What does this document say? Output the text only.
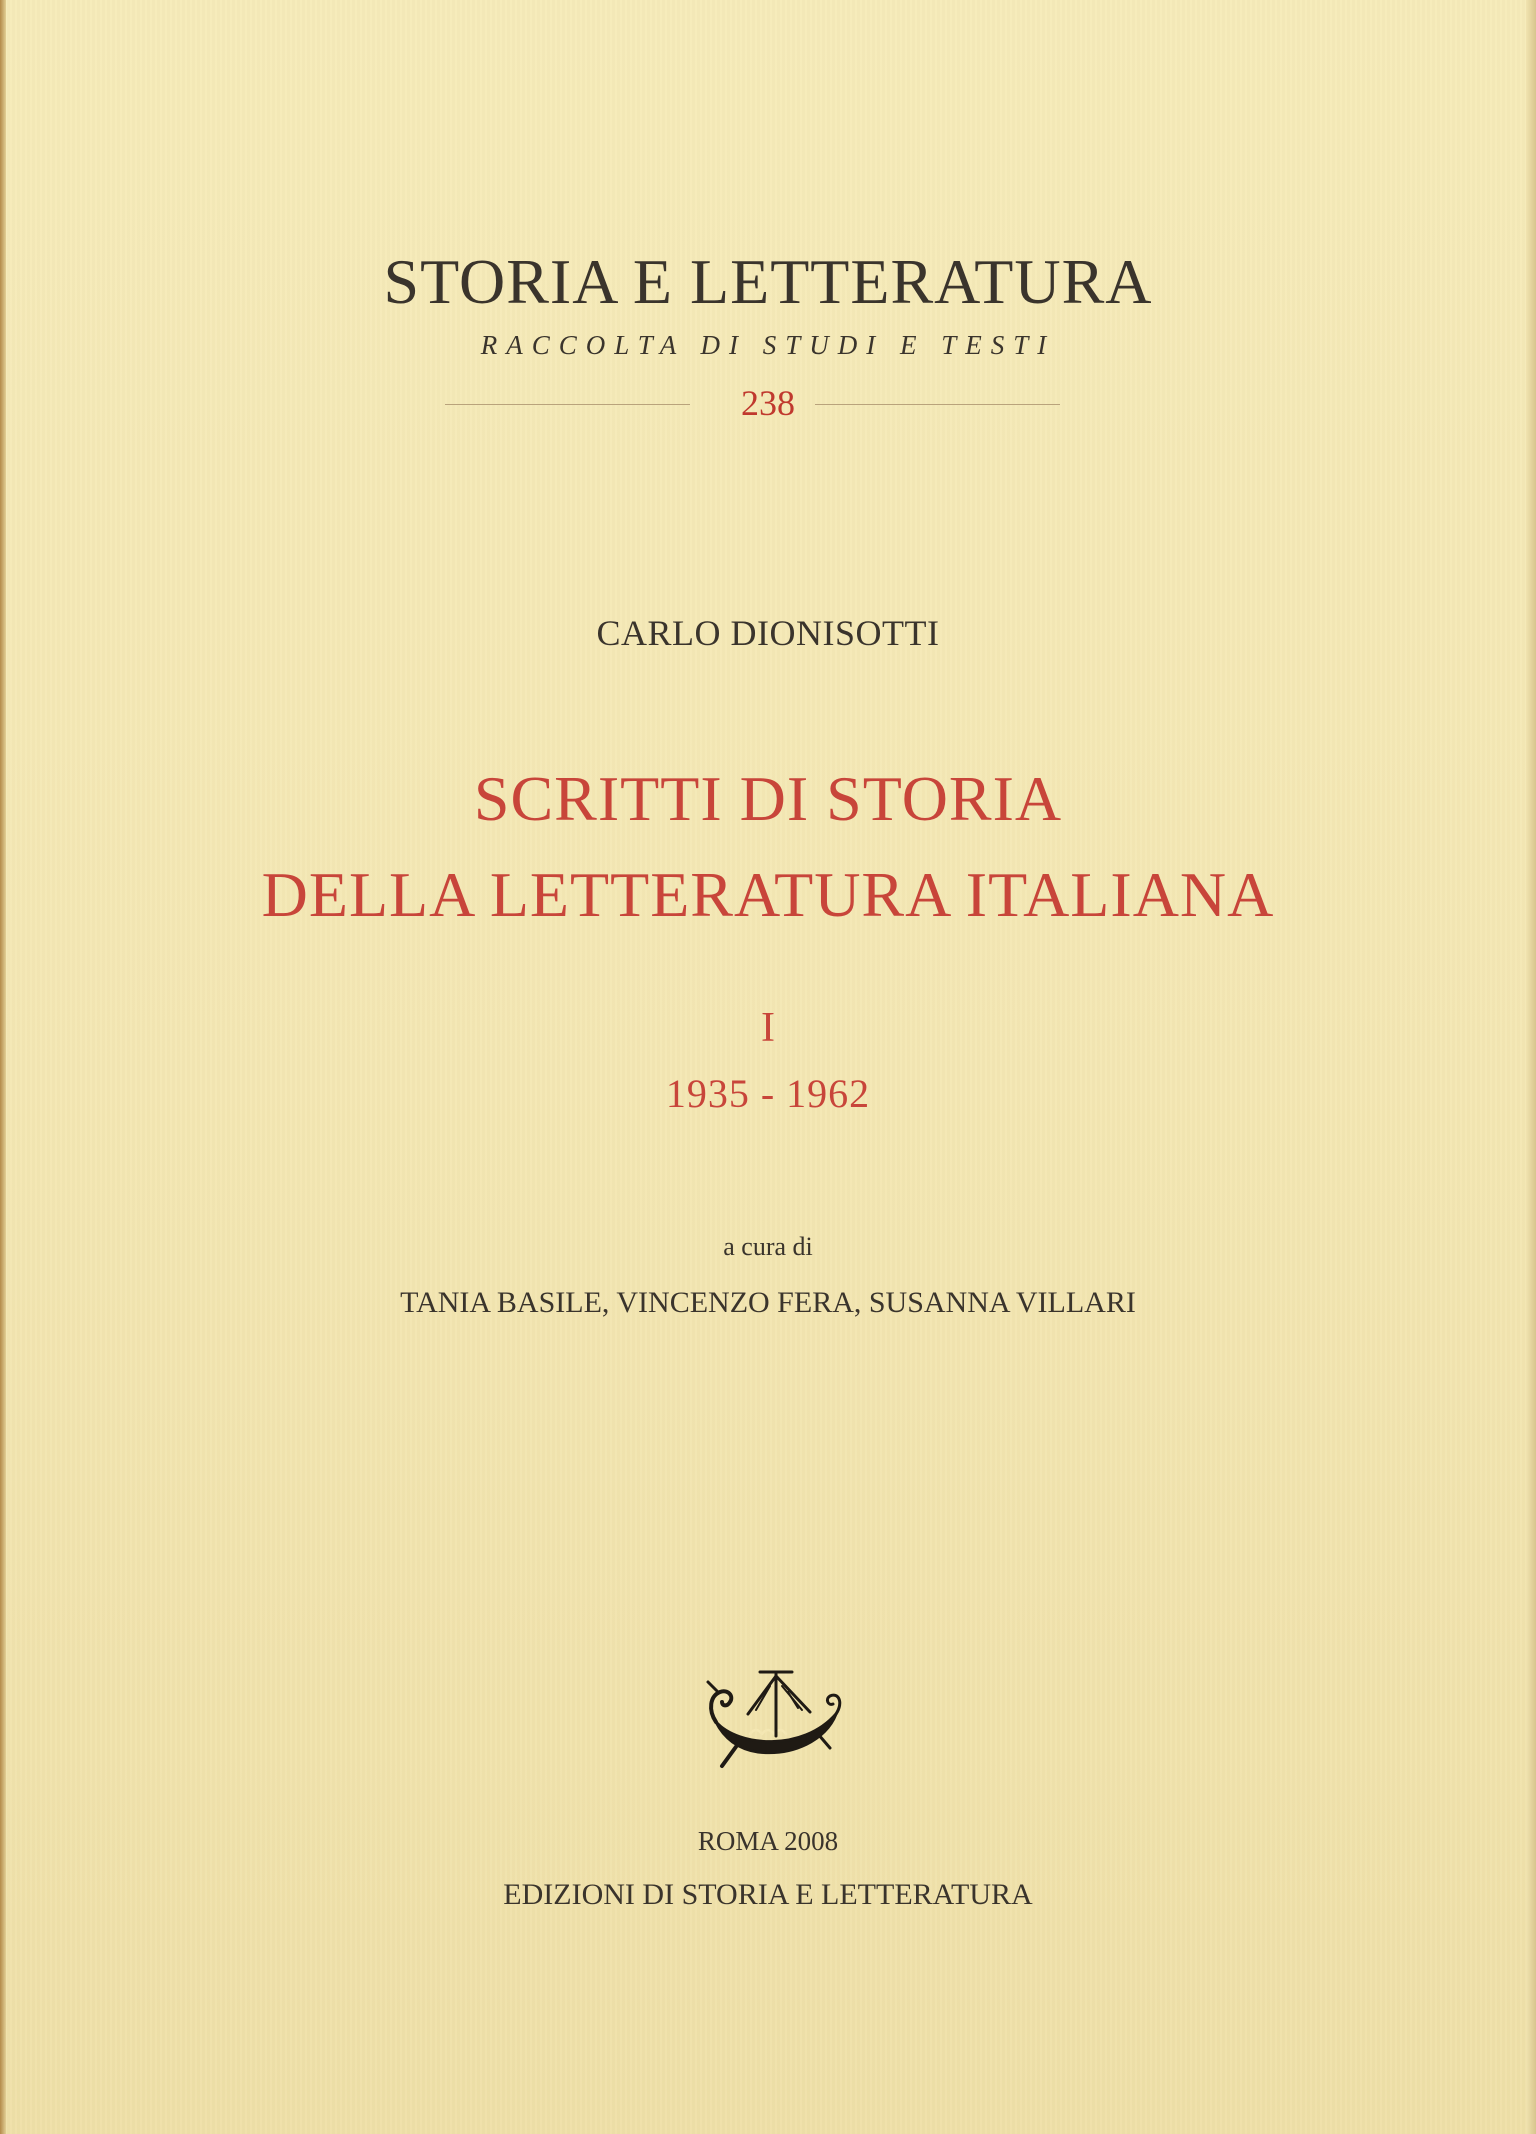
STORIA E LETTERATURA
RACCOLTA DI STUDI E TESTI
238
CARLO DIONISOTTI
SCRITTI DI STORIA
DELLA LETTERATURA ITALIANA
I
1935 - 1962
a cura di
TANIA BASILE, VINCENZO FERA, SUSANNA VILLARI
ROMA 2008
EDIZIONI DI STORIA E LETTERATURA
